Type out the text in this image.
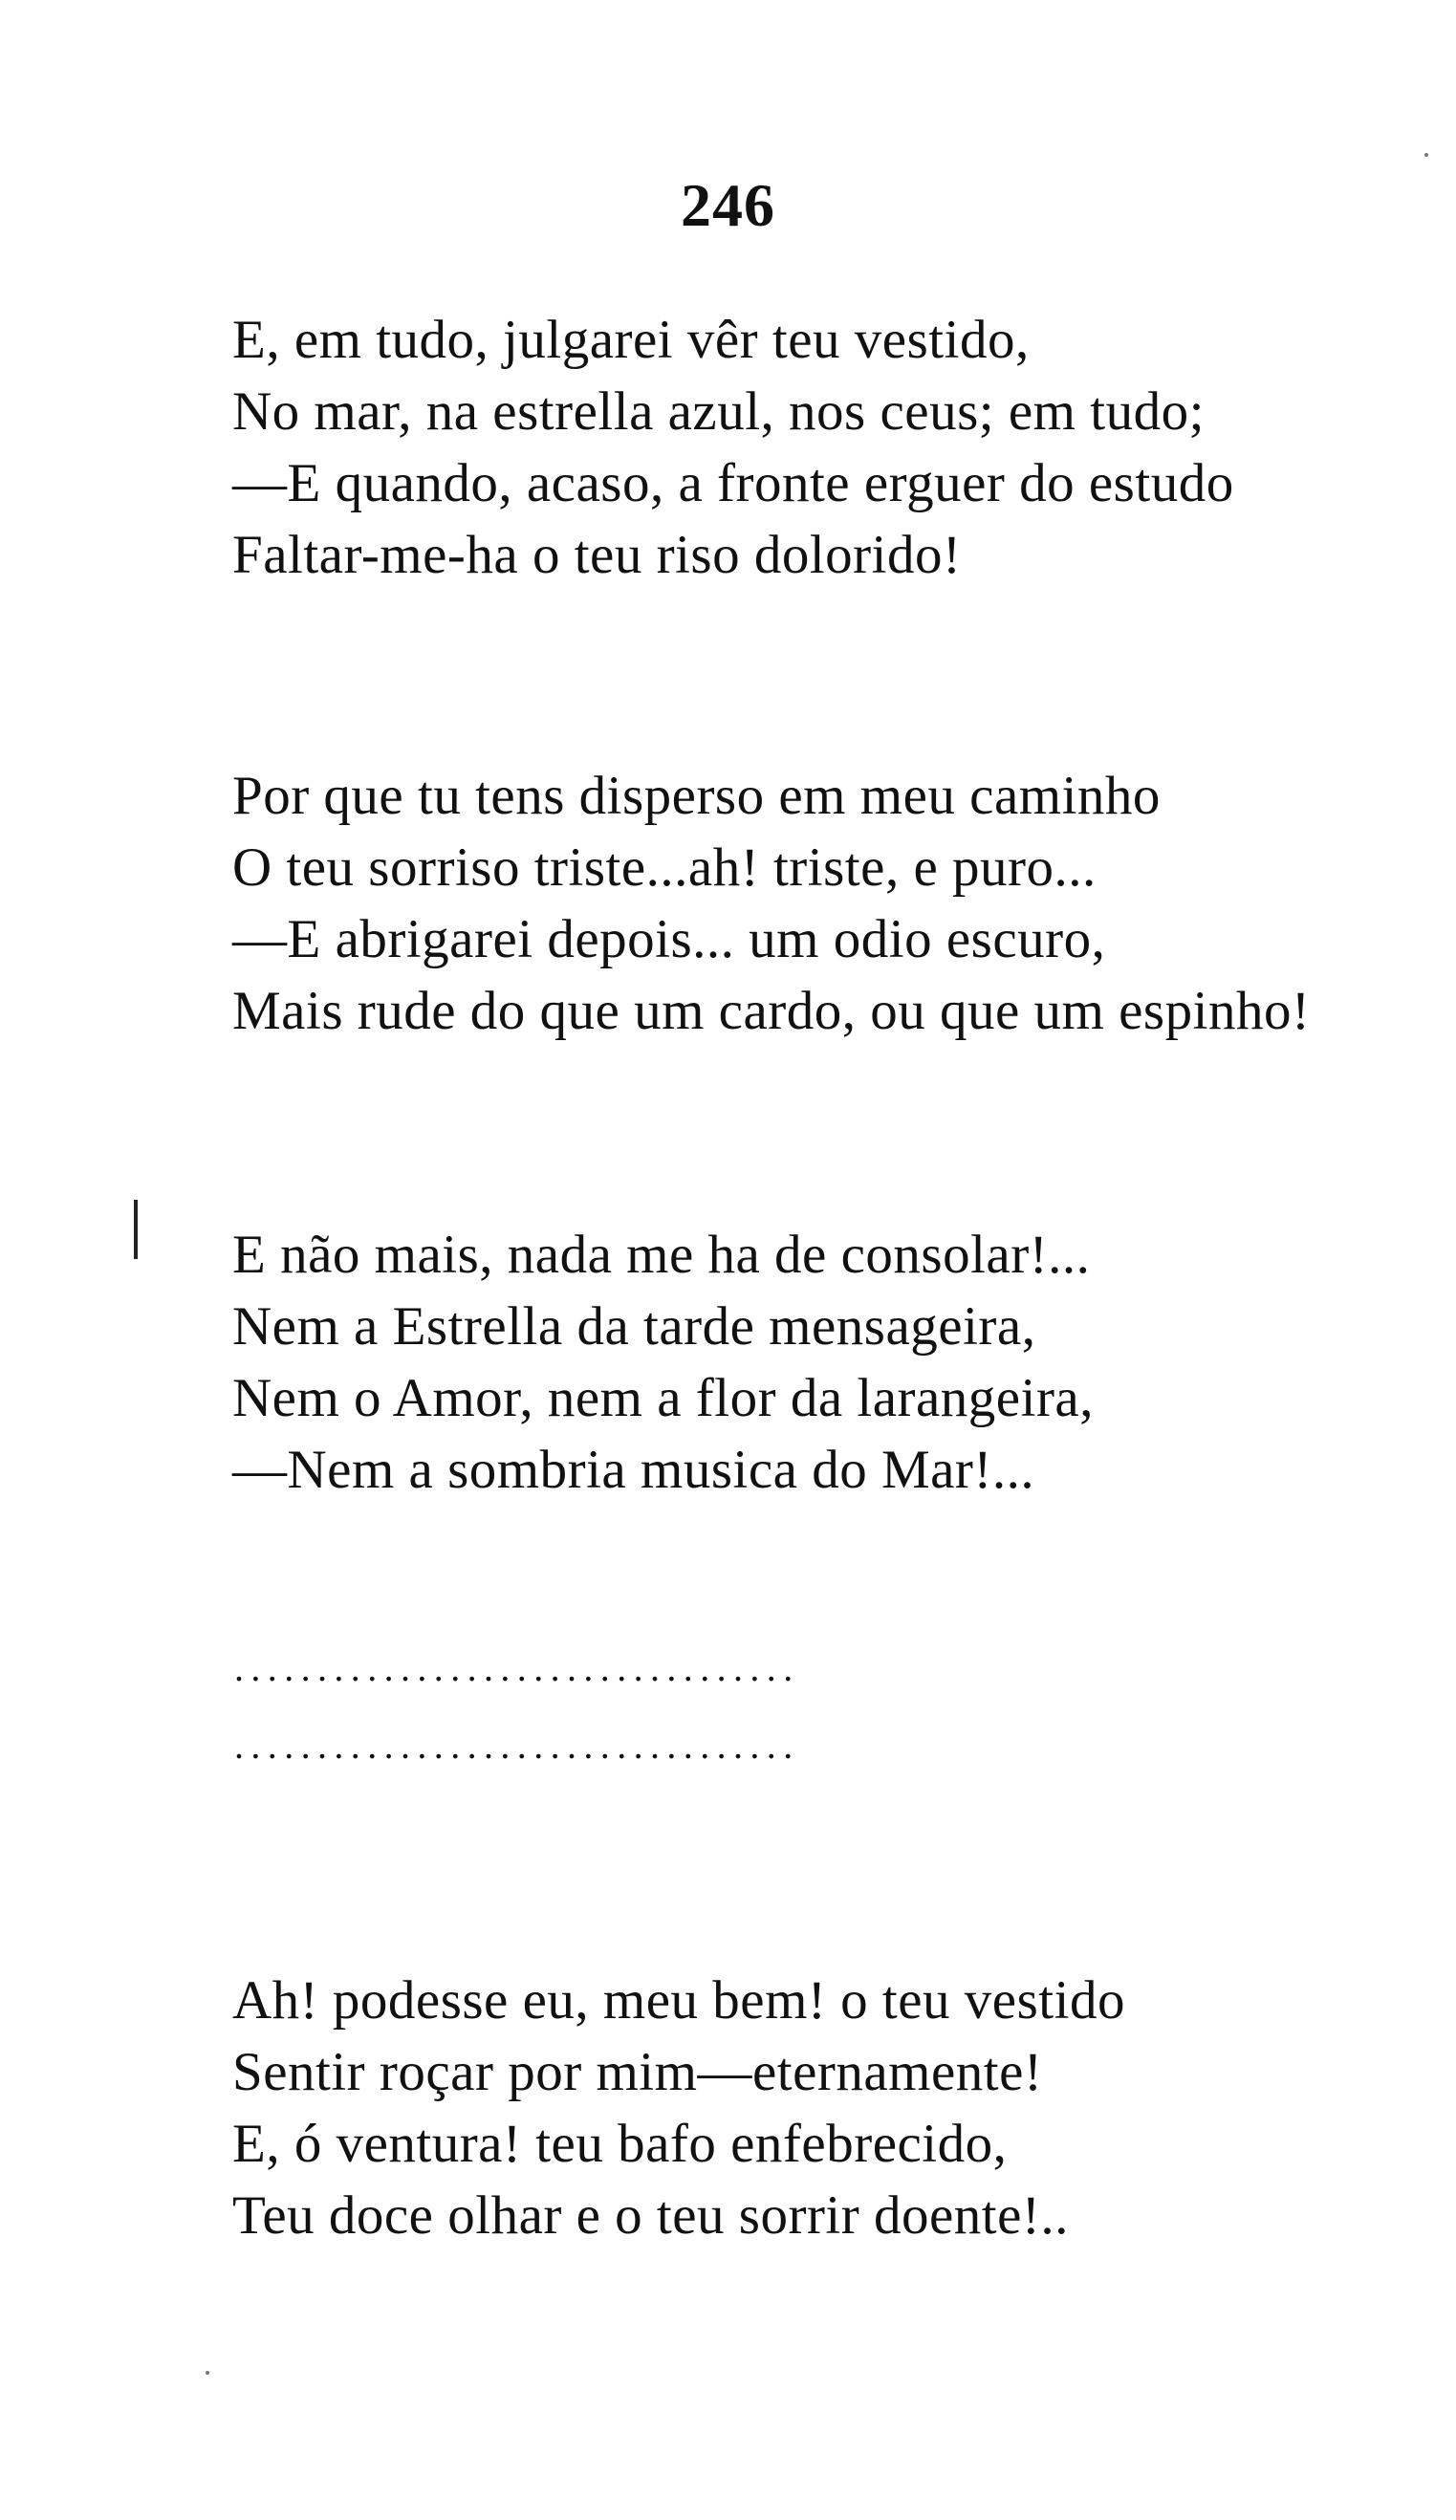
246
E, em tudo, julgarei vêr teu vestido,
No mar, na estrella azul, nos ceus; em tudo;
—E quando, acaso, a fronte erguer do estudo
Faltar-me-ha o teu riso dolorido!
Por que tu tens disperso em meu caminho
O teu sorriso triste...ah! triste, e puro...
—E abrigarei depois... um odio escuro,
Mais rude do que um cardo, ou que um espinho!
E não mais, nada me ha de consolar!...
Nem a Estrella da tarde mensageira,
Nem o Amor, nem a flor da larangeira,
—Nem a sombria musica do Mar!...
..................................
..................................
Ah! podesse eu, meu bem! o teu vestido
Sentir roçar por mim—eternamente!
E, ó ventura! teu bafo enfebrecido,
Teu doce olhar e o teu sorrir doente!..
